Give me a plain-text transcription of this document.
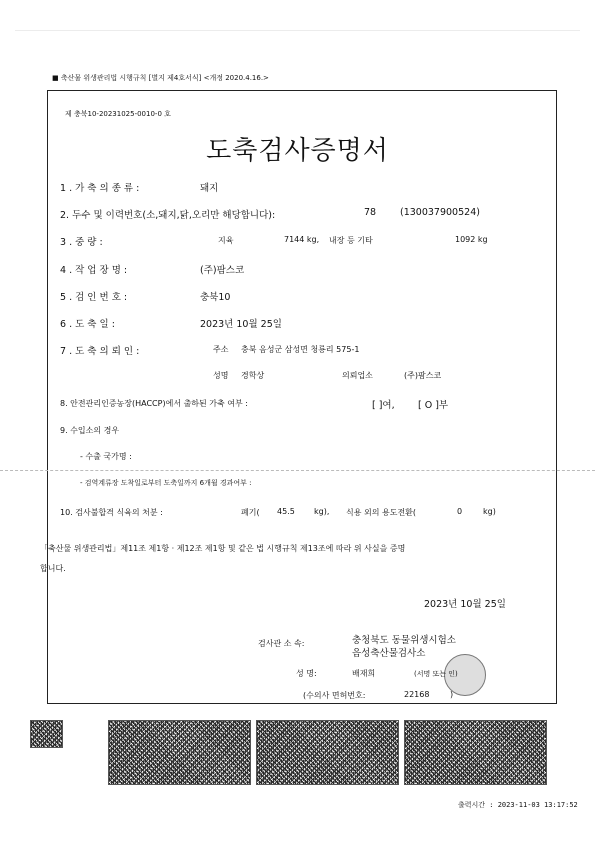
■ 축산물 위생관리법 시행규칙 [별지 제4호서식] <개정 2020.4.16.>
제 충북10-20231025-0010-0 호
도축검사증명서
1 . 가 축 의 종 류 :	돼지
2. 두수 및 이력번호(소,돼지,닭,오리만 해당합니다):	78	(130037900524)
3 . 중 량 :	지육	7144 kg, 내장 등 기타	1092 kg
4 . 작 업 장 명 :	(주)팜스코
5 . 검 인 번 호 :	충북10
6 . 도 축 일 :	2023년 10월 25일
7 . 도 축 의 뢰 인 :	주소 충북 음성군 삼성면 청룡리 575-1
성명 경학상	의뢰업소	(주)팜스코
8. 안전관리인증농장(HACCP)에서 출하된 가축 여부 :	[ ]여, [ O ]부
9. 수입소의 경우
- 수출 국가명 :
- 검역계류장 도착일로부터 도축일까지 6개월 경과여부 :
10. 검사불합격 식육의 처분 :	폐기( 45.5 kg), 식용 외의 용도전환(	0	kg)
「축산물 위생관리법」제11조 제1항 · 제12조 제1항 및 같은 법 시행규칙 제13조에 따라 위 사실을 증명
합니다.
2023년 10월 25일
검사관 소 속:	충청북도 동물위생시험소
음성축산물검사소
성 명:	배재희	(서명 또는 인)
(수의사 면허번호:	22168	)
출력시간 : 2023-11-03 13:17:52
